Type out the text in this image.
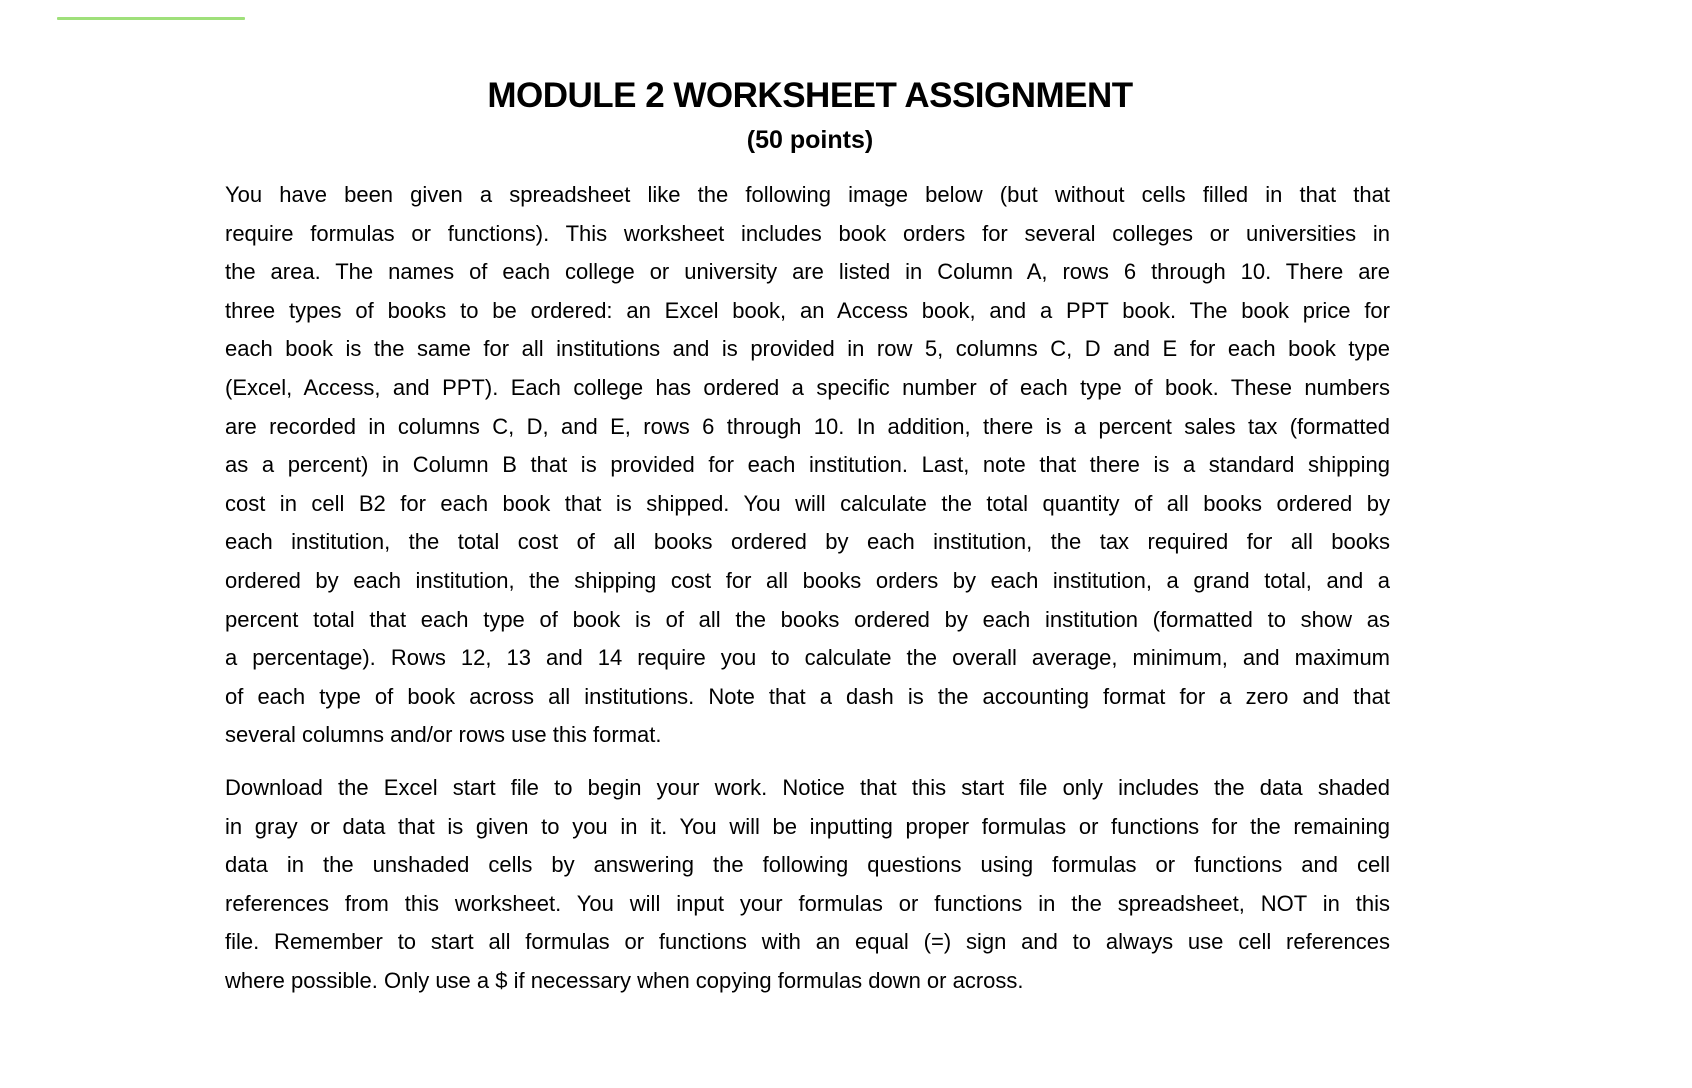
MODULE 2 WORKSHEET ASSIGNMENT
(50 points)
You have been given a spreadsheet like the following image below (but without cells filled in that that
require formulas or functions). This worksheet includes book orders for several colleges or universities in
the area. The names of each college or university are listed in Column A, rows 6 through 10. There are
three types of books to be ordered: an Excel book, an Access book, and a PPT book. The book price for
each book is the same for all institutions and is provided in row 5, columns C, D and E for each book type
(Excel, Access, and PPT). Each college has ordered a specific number of each type of book. These numbers
are recorded in columns C, D, and E, rows 6 through 10. In addition, there is a percent sales tax (formatted
as a percent) in Column B that is provided for each institution. Last, note that there is a standard shipping
cost in cell B2 for each book that is shipped. You will calculate the total quantity of all books ordered by
each institution, the total cost of all books ordered by each institution, the tax required for all books
ordered by each institution, the shipping cost for all books orders by each institution, a grand total, and a
percent total that each type of book is of all the books ordered by each institution (formatted to show as
a percentage). Rows 12, 13 and 14 require you to calculate the overall average, minimum, and maximum
of each type of book across all institutions. Note that a dash is the accounting format for a zero and that
several columns and/or rows use this format.
Download the Excel start file to begin your work. Notice that this start file only includes the data shaded
in gray or data that is given to you in it. You will be inputting proper formulas or functions for the remaining
data in the unshaded cells by answering the following questions using formulas or functions and cell
references from this worksheet. You will input your formulas or functions in the spreadsheet, NOT in this
file. Remember to start all formulas or functions with an equal (=) sign and to always use cell references
where possible. Only use a $ if necessary when copying formulas down or across.
